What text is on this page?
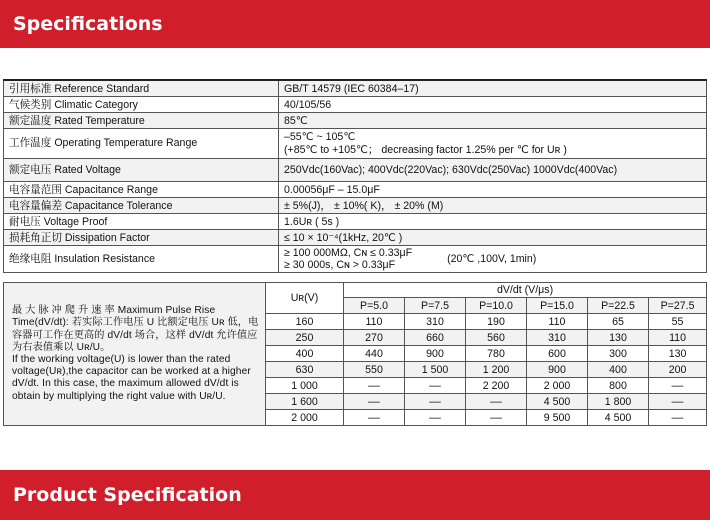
Specifications
引用标准 Reference Standard	GB/T 14579 (IEC 60384–17)
气候类别 Climatic Category	40/105/56
额定温度 Rated Temperature	85℃
工作温度 Operating Temperature Range	–55℃ ~ 105℃
(+85℃ to +105℃； decreasing factor 1.25% per ℃ for Uʀ )

额定电压 Rated Voltage	250Vdc(160Vac); 400Vdc(220Vac); 630Vdc(250Vac) 1000Vdc(400Vac)
电容量范围 Capacitance Range	0.00056μF – 15.0μF
电容量偏差 Capacitance Tolerance	± 5%(J)， ± 10%( K)， ± 20% (M)
耐电压 Voltage Proof	1.6Uʀ ( 5s )
损耗角正切 Dissipation Factor	≤ 10 × 10⁻⁴(1kHz, 20℃ )
绝缘电阻 Insulation Resistance	≥ 100 000MΩ, Cɴ ≤ 0.33μF
≥ 30 000s, Cɴ > 0.33μF (20℃ ,100V, 1min)

最 大 脉 冲 爬 升 速 率 Maximum Pulse Rise Time(dV/dt): 若实际工作电压 U 比额定电压 Uʀ 低，电容器可工作在更高的 dV/dt 场合，这样 dV/dt 允许值应为右表值乘以 Uʀ/U。

If the working voltage(U) is lower than the rated voltage(Uʀ),the capacitor can be worked at a higher dV/dt. In this case, the maximum allowed dV/dt is obtain by multiplying the right value with Uʀ/U.	Uʀ(V)	dV/dt (V/μs)					
		P=5.0	P=7.5	P=10.0	P=15.0	P=22.5	P=27.5
	160	110	310	190	110	65	55
	250	270	660	560	310	130	110
	400	440	900	780	600	300	130
	630	550	1 500	1 200	900	400	200
	1 000	––	––	2 200	2 000	800	––
	1 600	––	––	––	4 500	1 800	––
	2 000	––	––	––	9 500	4 500	––
Product Specification
